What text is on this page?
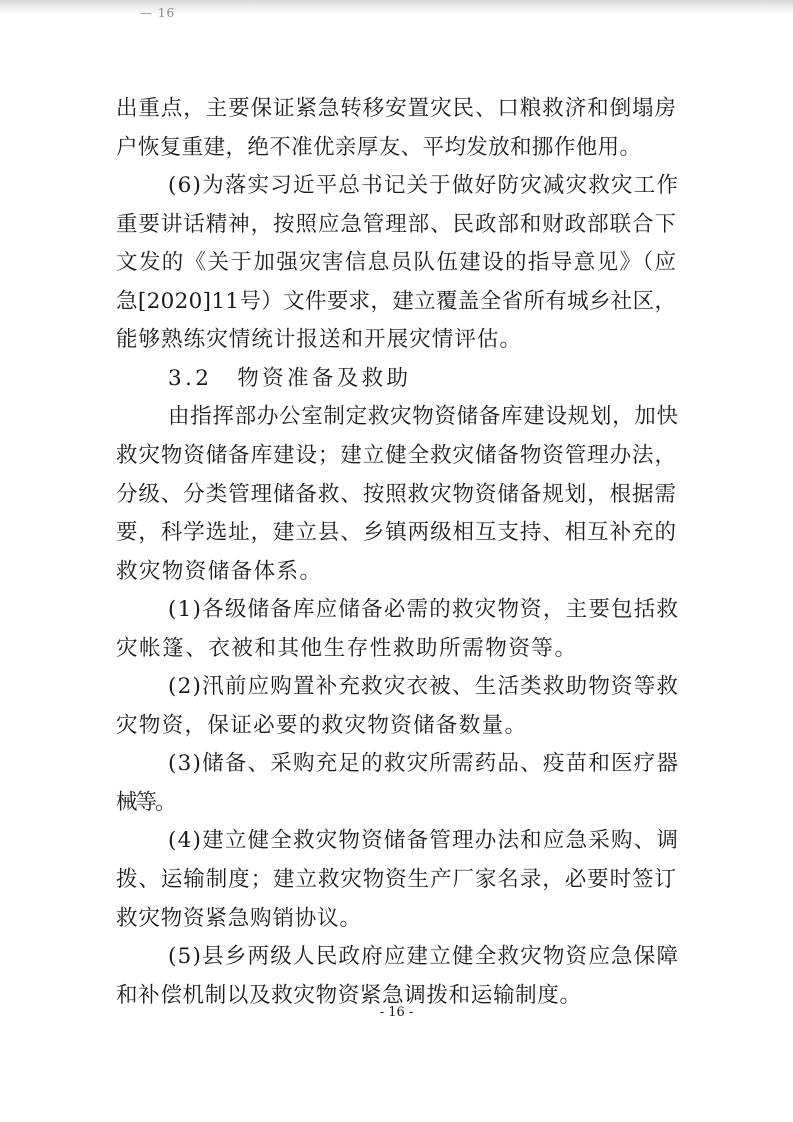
— 16
出重点，主要保证紧急转移安置灾民、口粮救济和倒塌房
户恢复重建，绝不准优亲厚友、平均发放和挪作他用。
(6)为落实习近平总书记关于做好防灾减灾救灾工作
重要讲话精神，按照应急管理部、民政部和财政部联合下
文发的《关于加强灾害信息员队伍建设的指导意见》（应
急[2020]11号）文件要求，建立覆盖全省所有城乡社区，
能够熟练灾情统计报送和开展灾情评估。
3.2　物资准备及救助
由指挥部办公室制定救灾物资储备库建设规划，加快
救灾物资储备库建设；建立健全救灾储备物资管理办法，
分级、分类管理储备救、按照救灾物资储备规划，根据需
要，科学选址，建立县、乡镇两级相互支持、相互补充的
救灾物资储备体系。
(1)各级储备库应储备必需的救灾物资，主要包括救
灾帐篷、衣被和其他生存性救助所需物资等。
(2)汛前应购置补充救灾衣被、生活类救助物资等救
灾物资，保证必要的救灾物资储备数量。
(3)储备、采购充足的救灾所需药品、疫苗和医疗器
械等。
(4)建立健全救灾物资储备管理办法和应急采购、调
拨、运输制度；建立救灾物资生产厂家名录，必要时签订
救灾物资紧急购销协议。
(5)县乡两级人民政府应建立健全救灾物资应急保障
和补偿机制以及救灾物资紧急调拨和运输制度。
- 16 -
